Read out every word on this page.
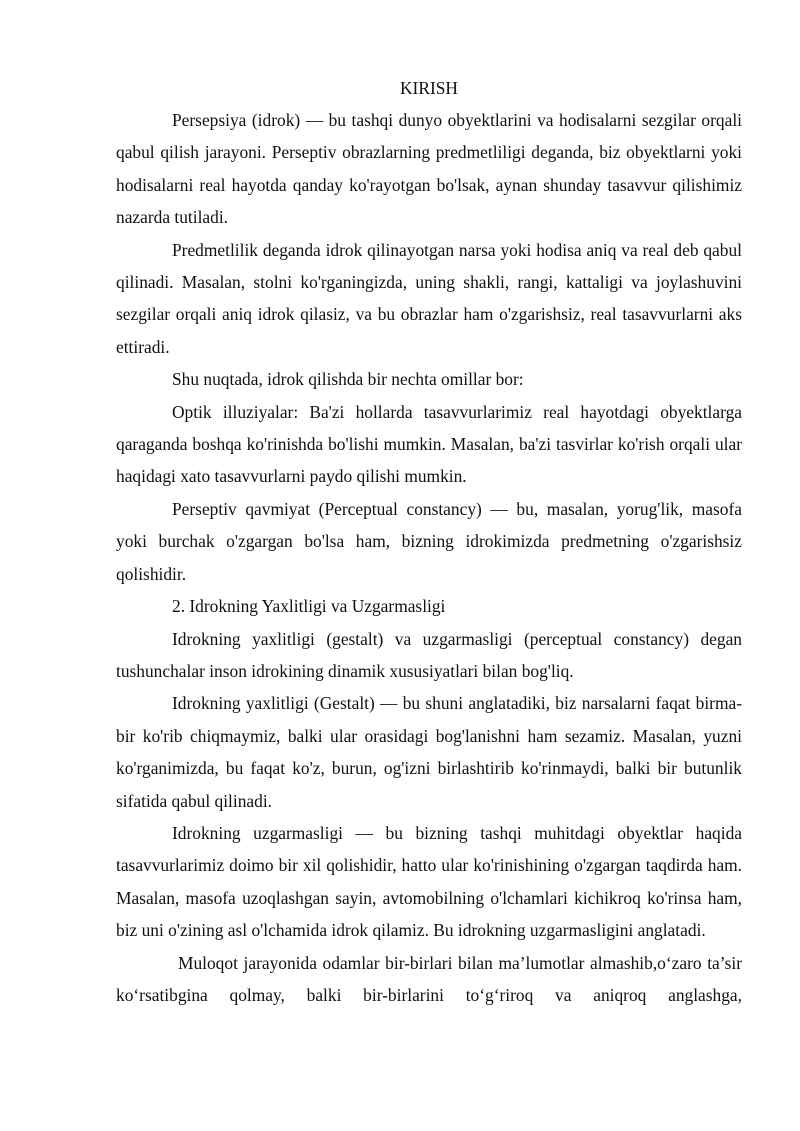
KIRISH

Persepsiya (idrok) — bu tashqi dunyo obyektlarini va hodisalarni sezgilar orqali qabul qilish jarayoni. Perseptiv obrazlarning predmetliligi deganda, biz obyektlarni yoki hodisalarni real hayotda qanday ko'rayotgan bo'lsak, aynan shunday tasavvur qilishimiz nazarda tutiladi.

Predmetlilik deganda idrok qilinayotgan narsa yoki hodisa aniq va real deb qabul qilinadi. Masalan, stolni ko'rganingizda, uning shakli, rangi, kattaligi va joylashuvini sezgilar orqali aniq idrok qilasiz, va bu obrazlar ham o'zgarishsiz, real tasavvurlarni aks ettiradi.

Shu nuqtada, idrok qilishda bir nechta omillar bor:

Optik illuziyalar: Ba'zi hollarda tasavvurlarimiz real hayotdagi obyektlarga qaraganda boshqa ko'rinishda bo'lishi mumkin. Masalan, ba'zi tasvirlar ko'rish orqali ular haqidagi xato tasavvurlarni paydo qilishi mumkin.

Perseptiv qavmiyat (Perceptual constancy) — bu, masalan, yorug'lik, masofa yoki burchak o'zgargan bo'lsa ham, bizning idrokimizda predmetning o'zgarishsiz qolishidir.

2. Idrokning Yaxlitligi va Uzgarmasligi

Idrokning yaxlitligi (gestalt) va uzgarmasligi (perceptual constancy) degan tushunchalar inson idrokining dinamik xususiyatlari bilan bog'liq.

Idrokning yaxlitligi (Gestalt) — bu shuni anglatadiki, biz narsalarni faqat birma-bir ko'rib chiqmaymiz, balki ular orasidagi bog'lanishni ham sezamiz. Masalan, yuzni ko'rganimizda, bu faqat ko'z, burun, og'izni birlashtirib ko'rinmaydi, balki bir butunlik sifatida qabul qilinadi.

Idrokning uzgarmasligi — bu bizning tashqi muhitdagi obyektlar haqida tasavvurlarimiz doimo bir xil qolishidir, hatto ular ko'rinishining o'zgargan taqdirda ham. Masalan, masofa uzoqlashgan sayin, avtomobilning o'lchamlari kichikroq ko'rinsa ham, biz uni o'zining asl o'lchamida idrok qilamiz. Bu idrokning uzgarmasligini anglatadi.

Muloqot jarayonida odamlar bir-birlari bilan ma’lumotlar almashib,o‘zaro ta’sir ko‘rsatibgina qolmay, balki bir-birlarini to‘g‘riroq va aniqroq anglashga,
